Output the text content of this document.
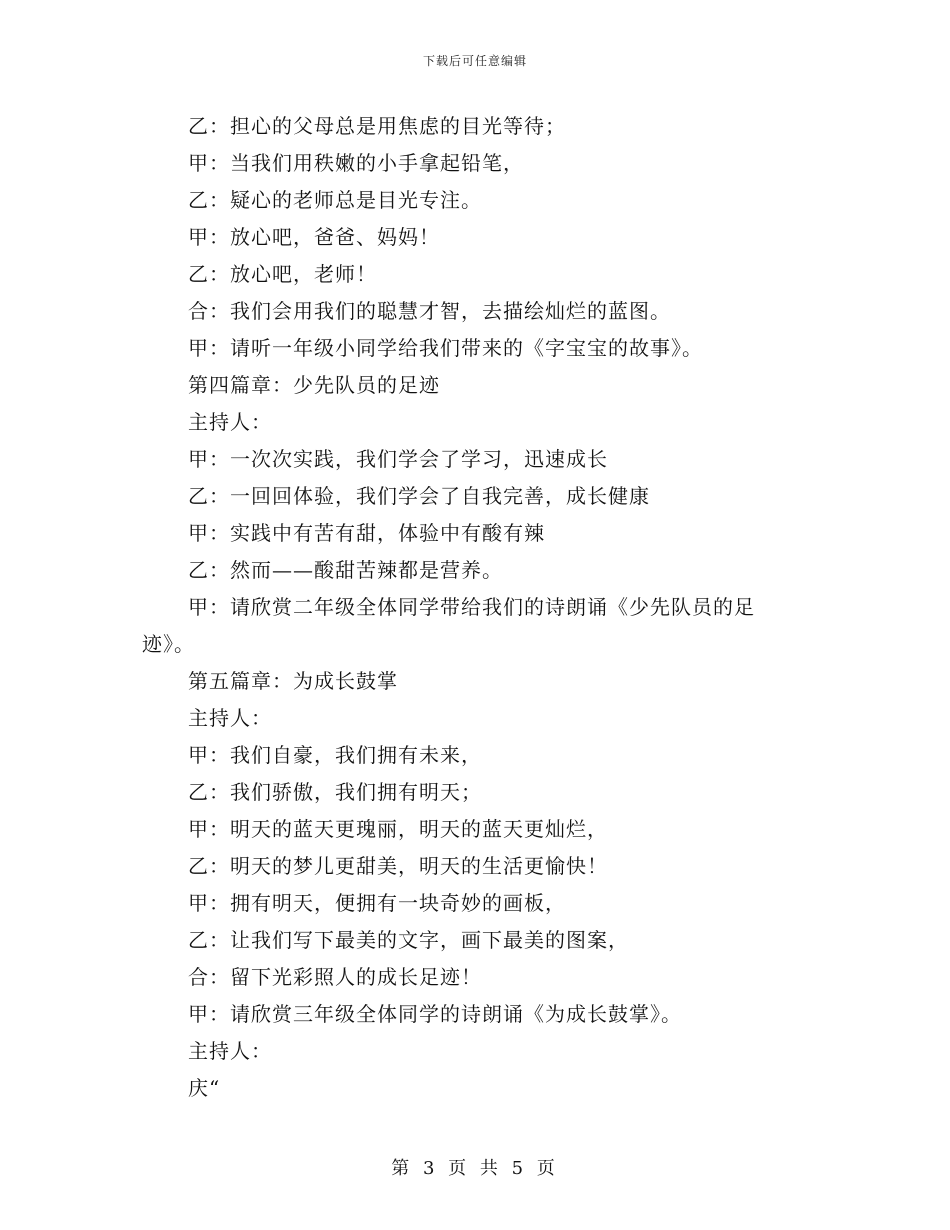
下载后可任意编辑
乙：担心的父母总是用焦虑的目光等待；
甲：当我们用秩嫩的小手拿起铅笔，
乙：疑心的老师总是目光专注。
甲：放心吧，爸爸、妈妈！
乙：放心吧，老师！
合：我们会用我们的聪慧才智，去描绘灿烂的蓝图。
甲：请听一年级小同学给我们带来的《字宝宝的故事》。
第四篇章：少先队员的足迹
主持人：
甲：一次次实践，我们学会了学习，迅速成长
乙：一回回体验，我们学会了自我完善，成长健康
甲：实践中有苦有甜，体验中有酸有辣
乙：然而——酸甜苦辣都是营养。
甲：请欣赏二年级全体同学带给我们的诗朗诵《少先队员的足
迹》。
第五篇章：为成长鼓掌
主持人：
甲：我们自豪，我们拥有未来，
乙：我们骄傲，我们拥有明天；
甲：明天的蓝天更瑰丽，明天的蓝天更灿烂，
乙：明天的梦儿更甜美，明天的生活更愉快！
甲：拥有明天，便拥有一块奇妙的画板，
乙：让我们写下最美的文字，画下最美的图案，
合：留下光彩照人的成长足迹！
甲：请欣赏三年级全体同学的诗朗诵《为成长鼓掌》。
主持人：
庆“
第 3 页 共 5 页
